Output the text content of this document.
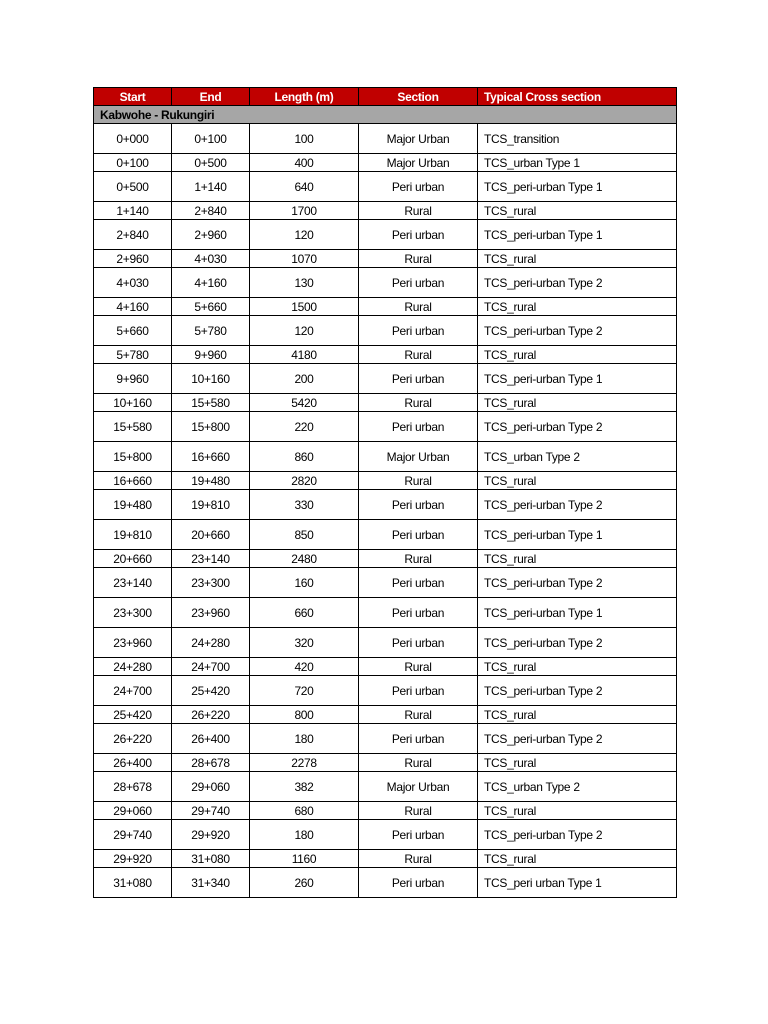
Start	End	Length (m)	Section	Typical Cross section
Kabwohe - Rukungiri				
0+000	0+100	100	Major Urban	TCS_transition
0+100	0+500	400	Major Urban	TCS_urban Type 1
0+500	1+140	640	Peri urban	TCS_peri-urban Type 1
1+140	2+840	1700	Rural	TCS_rural
2+840	2+960	120	Peri urban	TCS_peri-urban Type 1
2+960	4+030	1070	Rural	TCS_rural
4+030	4+160	130	Peri urban	TCS_peri-urban Type 2
4+160	5+660	1500	Rural	TCS_rural
5+660	5+780	120	Peri urban	TCS_peri-urban Type 2
5+780	9+960	4180	Rural	TCS_rural
9+960	10+160	200	Peri urban	TCS_peri-urban Type 1
10+160	15+580	5420	Rural	TCS_rural
15+580	15+800	220	Peri urban	TCS_peri-urban Type 2
15+800	16+660	860	Major Urban	TCS_urban Type 2
16+660	19+480	2820	Rural	TCS_rural
19+480	19+810	330	Peri urban	TCS_peri-urban Type 2
19+810	20+660	850	Peri urban	TCS_peri-urban Type 1
20+660	23+140	2480	Rural	TCS_rural
23+140	23+300	160	Peri urban	TCS_peri-urban Type 2
23+300	23+960	660	Peri urban	TCS_peri-urban Type 1
23+960	24+280	320	Peri urban	TCS_peri-urban Type 2
24+280	24+700	420	Rural	TCS_rural
24+700	25+420	720	Peri urban	TCS_peri-urban Type 2
25+420	26+220	800	Rural	TCS_rural
26+220	26+400	180	Peri urban	TCS_peri-urban Type 2
26+400	28+678	2278	Rural	TCS_rural
28+678	29+060	382	Major Urban	TCS_urban Type 2
29+060	29+740	680	Rural	TCS_rural
29+740	29+920	180	Peri urban	TCS_peri-urban Type 2
29+920	31+080	1160	Rural	TCS_rural
31+080	31+340	260	Peri urban	TCS_peri urban Type 1
